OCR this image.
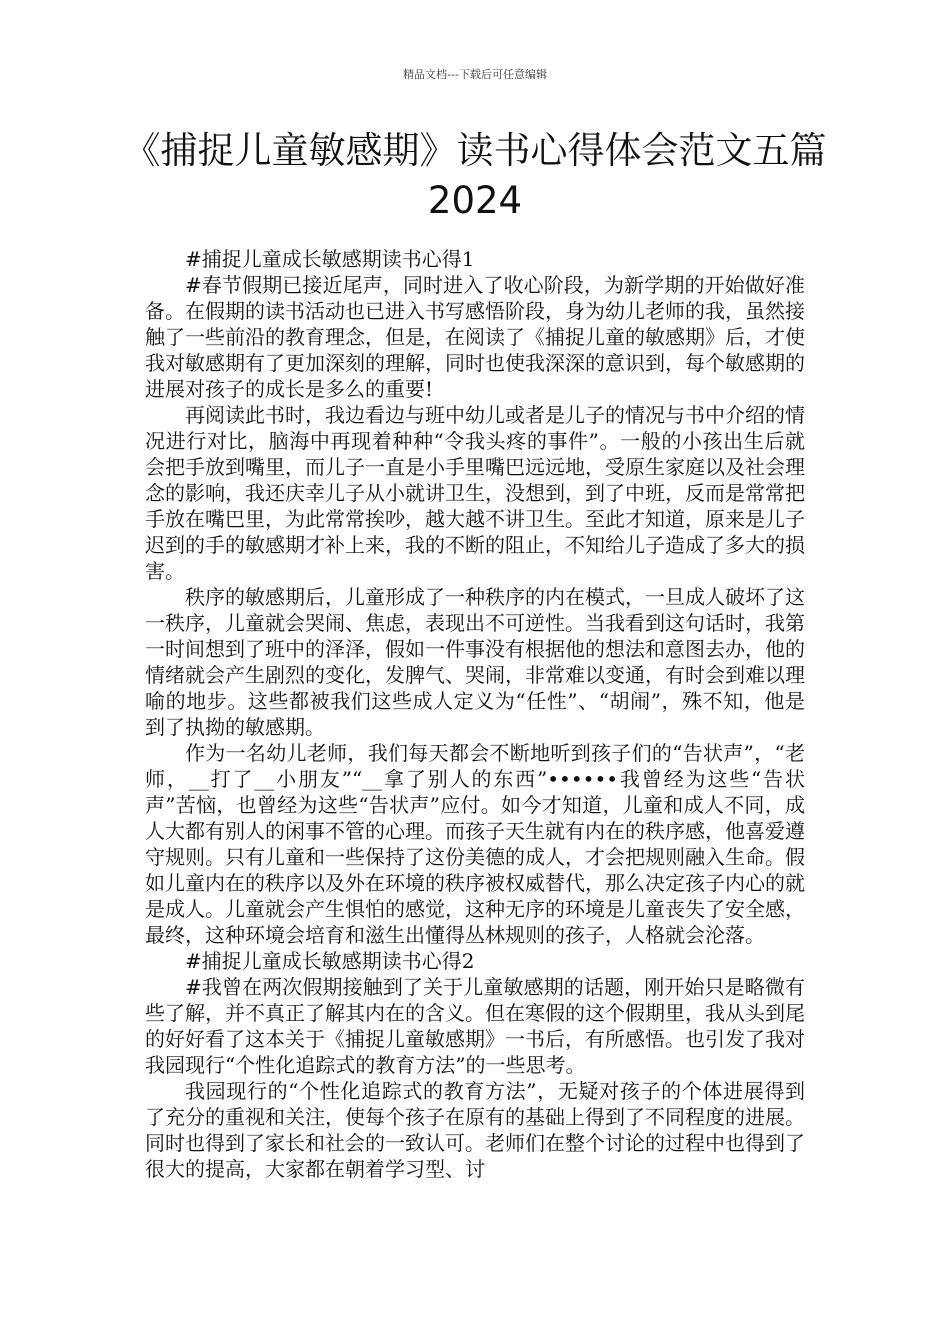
精品文档---下载后可任意编辑
《捕捉儿童敏感期》读书心得体会范文五篇2024

#捕捉儿童成长敏感期读书心得1

#春节假期已接近尾声，同时进入了收心阶段，为新学期的开始做好准备。在假期的读书活动也已进入书写感悟阶段，身为幼儿老师的我，虽然接触了一些前沿的教育理念，但是，在阅读了《捕捉儿童的敏感期》后，才使我对敏感期有了更加深刻的理解，同时也使我深深的意识到，每个敏感期的进展对孩子的成长是多么的重要!

再阅读此书时，我边看边与班中幼儿或者是儿子的情况与书中介绍的情况进行对比，脑海中再现着种种“令我头疼的事件”。一般的小孩出生后就会把手放到嘴里，而儿子一直是小手里嘴巴远远地，受原生家庭以及社会理念的影响，我还庆幸儿子从小就讲卫生，没想到，到了中班，反而是常常把手放在嘴巴里，为此常常挨吵，越大越不讲卫生。至此才知道，原来是儿子迟到的手的敏感期才补上来，我的不断的阻止，不知给儿子造成了多大的损害。

秩序的敏感期后，儿童形成了一种秩序的内在模式，一旦成人破坏了这一秩序，儿童就会哭闹、焦虑，表现出不可逆性。当我看到这句话时，我第一时间想到了班中的泽泽，假如一件事没有根据他的想法和意图去办，他的情绪就会产生剧烈的变化，发脾气、哭闹，非常难以变通，有时会到难以理喻的地步。这些都被我们这些成人定义为“任性”、“胡闹”，殊不知，他是到了执拗的敏感期。

作为一名幼儿老师，我们每天都会不断地听到孩子们的“告状声”，“老师，__打了__小朋友”“__拿了别人的东西”••••••我曾经为这些“告状声”苦恼，也曾经为这些“告状声”应付。如今才知道，儿童和成人不同，成人大都有别人的闲事不管的心理。而孩子天生就有内在的秩序感，他喜爱遵守规则。只有儿童和一些保持了这份美德的成人，才会把规则融入生命。假如儿童内在的秩序以及外在环境的秩序被权威替代，那么决定孩子内心的就是成人。儿童就会产生惧怕的感觉，这种无序的环境是儿童丧失了安全感，最终，这种环境会培育和滋生出懂得丛林规则的孩子，人格就会沦落。

#捕捉儿童成长敏感期读书心得2

#我曾在两次假期接触到了关于儿童敏感期的话题，刚开始只是略微有些了解，并不真正了解其内在的含义。但在寒假的这个假期里，我从头到尾的好好看了这本关于《捕捉儿童敏感期》一书后，有所感悟。也引发了我对我园现行“个性化追踪式的教育方法”的一些思考。

我园现行的“个性化追踪式的教育方法”，无疑对孩子的个体进展得到了充分的重视和关注，使每个孩子在原有的基础上得到了不同程度的进展。同时也得到了家长和社会的一致认可。老师们在整个讨论的过程中也得到了很大的提高，大家都在朝着学习型、讨
